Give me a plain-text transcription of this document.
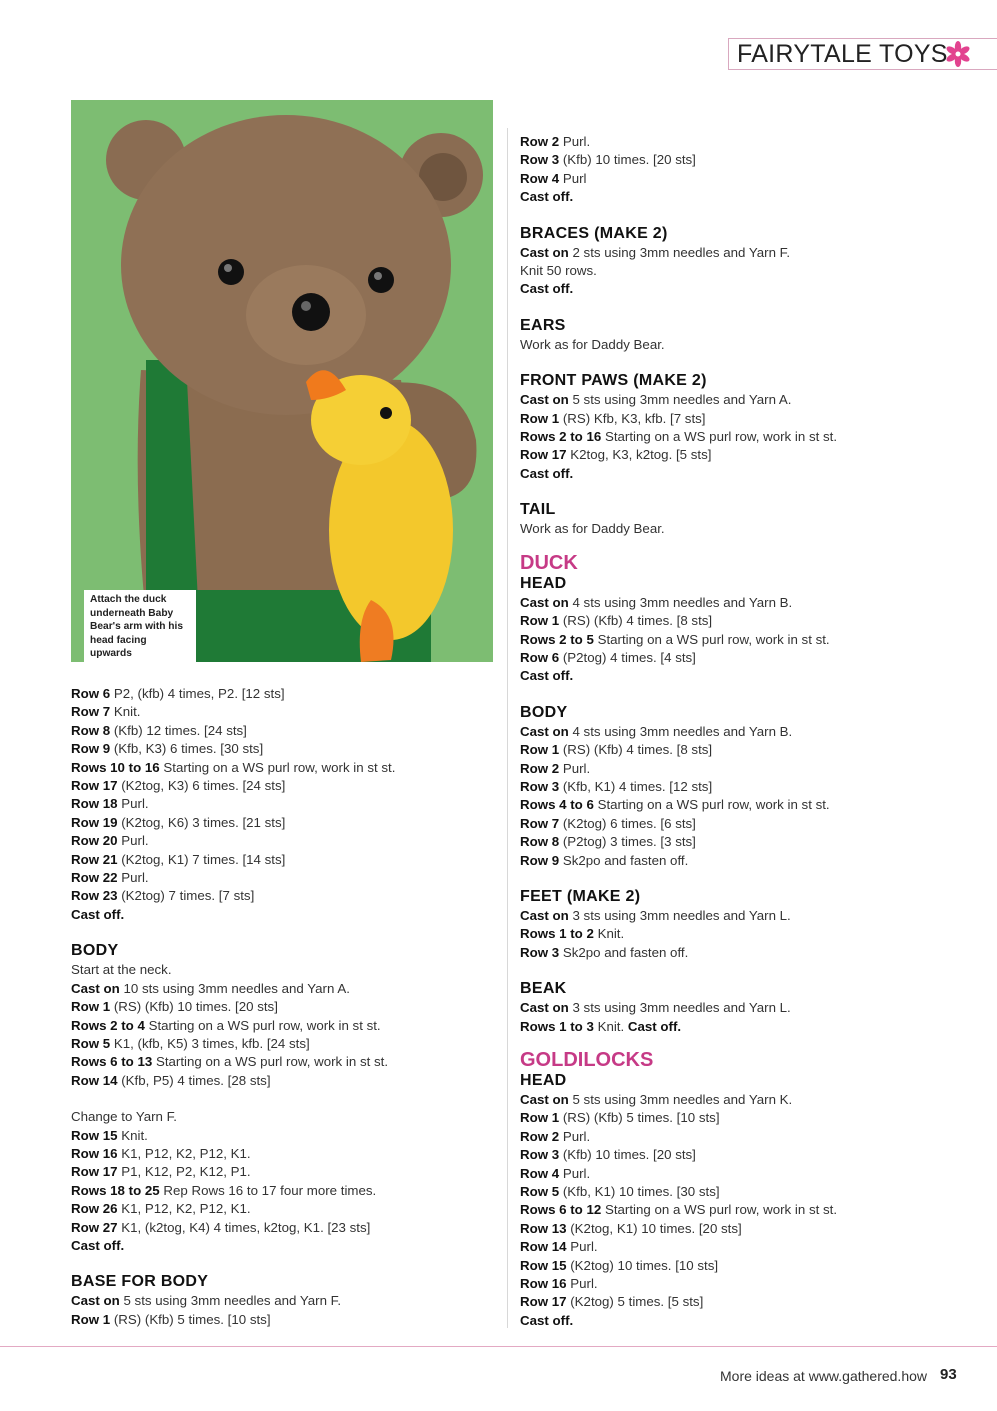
FAIRYTALE TOYS
Attach the duck underneath Baby Bear's arm with his head facing upwards
Row 6 P2, (kfb) 4 times, P2. [12 sts]
Row 7 Knit.
Row 8 (Kfb) 12 times. [24 sts]
Row 9 (Kfb, K3) 6 times. [30 sts]
Rows 10 to 16 Starting on a WS purl row, work in st st.
Row 17 (K2tog, K3) 6 times. [24 sts]
Row 18 Purl.
Row 19 (K2tog, K6) 3 times. [21 sts]
Row 20 Purl.
Row 21 (K2tog, K1) 7 times. [14 sts]
Row 22 Purl.
Row 23 (K2tog) 7 times. [7 sts]
Cast off.
BODY
Start at the neck.
Cast on 10 sts using 3mm needles and Yarn A.
Row 1 (RS) (Kfb) 10 times. [20 sts]
Rows 2 to 4 Starting on a WS purl row, work in st st.
Row 5 K1, (kfb, K5) 3 times, kfb. [24 sts]
Rows 6 to 13 Starting on a WS purl row, work in st st.
Row 14 (Kfb, P5) 4 times. [28 sts]
Change to Yarn F.
Row 15 Knit.
Row 16 K1, P12, K2, P12, K1.
Row 17 P1, K12, P2, K12, P1.
Rows 18 to 25 Rep Rows 16 to 17 four more times.
Row 26 K1, P12, K2, P12, K1.
Row 27 K1, (k2tog, K4) 4 times, k2tog, K1. [23 sts]
Cast off.
BASE FOR BODY
Cast on 5 sts using 3mm needles and Yarn F.
Row 1 (RS) (Kfb) 5 times. [10 sts]
Row 2 Purl.
Row 3 (Kfb) 10 times. [20 sts]
Row 4 Purl
Cast off.
BRACES (MAKE 2)
Cast on 2 sts using 3mm needles and Yarn F.
Knit 50 rows.
Cast off.
EARS
Work as for Daddy Bear.
FRONT PAWS (MAKE 2)
Cast on 5 sts using 3mm needles and Yarn A.
Row 1 (RS) Kfb, K3, kfb. [7 sts]
Rows 2 to 16 Starting on a WS purl row, work in st st.
Row 17 K2tog, K3, k2tog. [5 sts]
Cast off.
TAIL
Work as for Daddy Bear.
DUCK
HEAD
Cast on 4 sts using 3mm needles and Yarn B.
Row 1 (RS) (Kfb) 4 times. [8 sts]
Rows 2 to 5 Starting on a WS purl row, work in st st.
Row 6 (P2tog) 4 times. [4 sts]
Cast off.
BODY
Cast on 4 sts using 3mm needles and Yarn B.
Row 1 (RS) (Kfb) 4 times. [8 sts]
Row 2 Purl.
Row 3 (Kfb, K1) 4 times. [12 sts]
Rows 4 to 6 Starting on a WS purl row, work in st st.
Row 7 (K2tog) 6 times. [6 sts]
Row 8 (P2tog) 3 times. [3 sts]
Row 9 Sk2po and fasten off.
FEET (MAKE 2)
Cast on 3 sts using 3mm needles and Yarn L.
Rows 1 to 2 Knit.
Row 3 Sk2po and fasten off.
BEAK
Cast on 3 sts using 3mm needles and Yarn L.
Rows 1 to 3 Knit. Cast off.
GOLDILOCKS
HEAD
Cast on 5 sts using 3mm needles and Yarn K.
Row 1 (RS) (Kfb) 5 times. [10 sts]
Row 2 Purl.
Row 3 (Kfb) 10 times. [20 sts]
Row 4 Purl.
Row 5 (Kfb, K1) 10 times. [30 sts]
Rows 6 to 12 Starting on a WS purl row, work in st st.
Row 13 (K2tog, K1) 10 times. [20 sts]
Row 14 Purl.
Row 15 (K2tog) 10 times. [10 sts]
Row 16 Purl.
Row 17 (K2tog) 5 times. [5 sts]
Cast off.
More ideas at www.gathered.how 93
